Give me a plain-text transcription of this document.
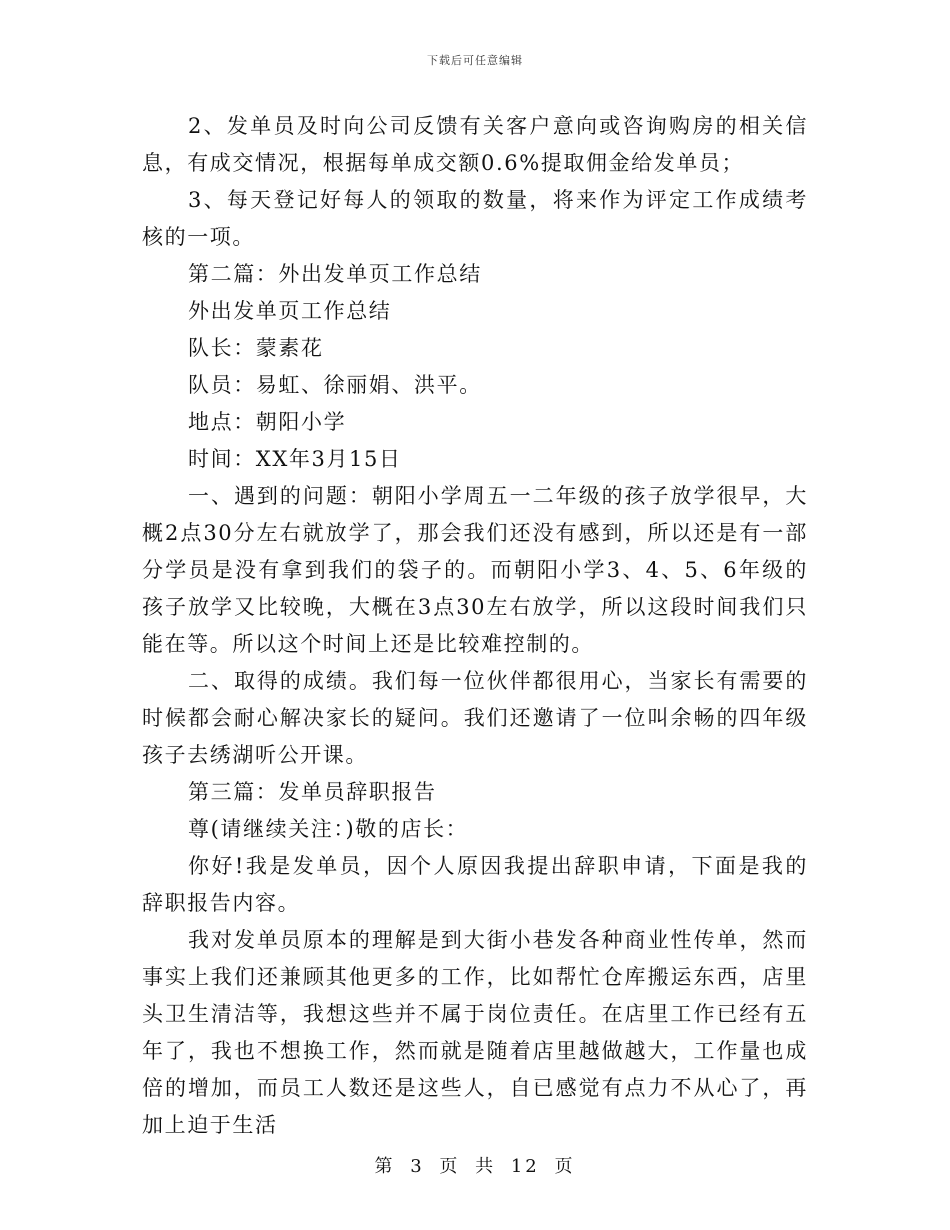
下载后可任意编辑

2、发单员及时向公司反馈有关客户意向或咨询购房的相关信息，有成交情况，根据每单成交额0.6%提取佣金给发单员；

3、每天登记好每人的领取的数量，将来作为评定工作成绩考核的一项。

第二篇：外出发单页工作总结

外出发单页工作总结

队长：蒙素花

队员：易虹、徐丽娟、洪平。

地点：朝阳小学

时间：XX年3月15日

一、遇到的问题：朝阳小学周五一二年级的孩子放学很早，大概2点30分左右就放学了，那会我们还没有感到，所以还是有一部分学员是没有拿到我们的袋子的。而朝阳小学3、4、5、6年级的孩子放学又比较晚，大概在3点30左右放学，所以这段时间我们只能在等。所以这个时间上还是比较难控制的。

二、取得的成绩。我们每一位伙伴都很用心，当家长有需要的时候都会耐心解决家长的疑问。我们还邀请了一位叫余畅的四年级孩子去绣湖听公开课。

第三篇：发单员辞职报告

尊(请继续关注：)敬的店长：

你好!我是发单员，因个人原因我提出辞职申请，下面是我的辞职报告内容。

我对发单员原本的理解是到大街小巷发各种商业性传单，然而事实上我们还兼顾其他更多的工作，比如帮忙仓库搬运东西，店里头卫生清洁等，我想这些并不属于岗位责任。在店里工作已经有五年了，我也不想换工作，然而就是随着店里越做越大，工作量也成倍的增加，而员工人数还是这些人，自已感觉有点力不从心了，再加上迫于生活

第 3 页 共 12 页
